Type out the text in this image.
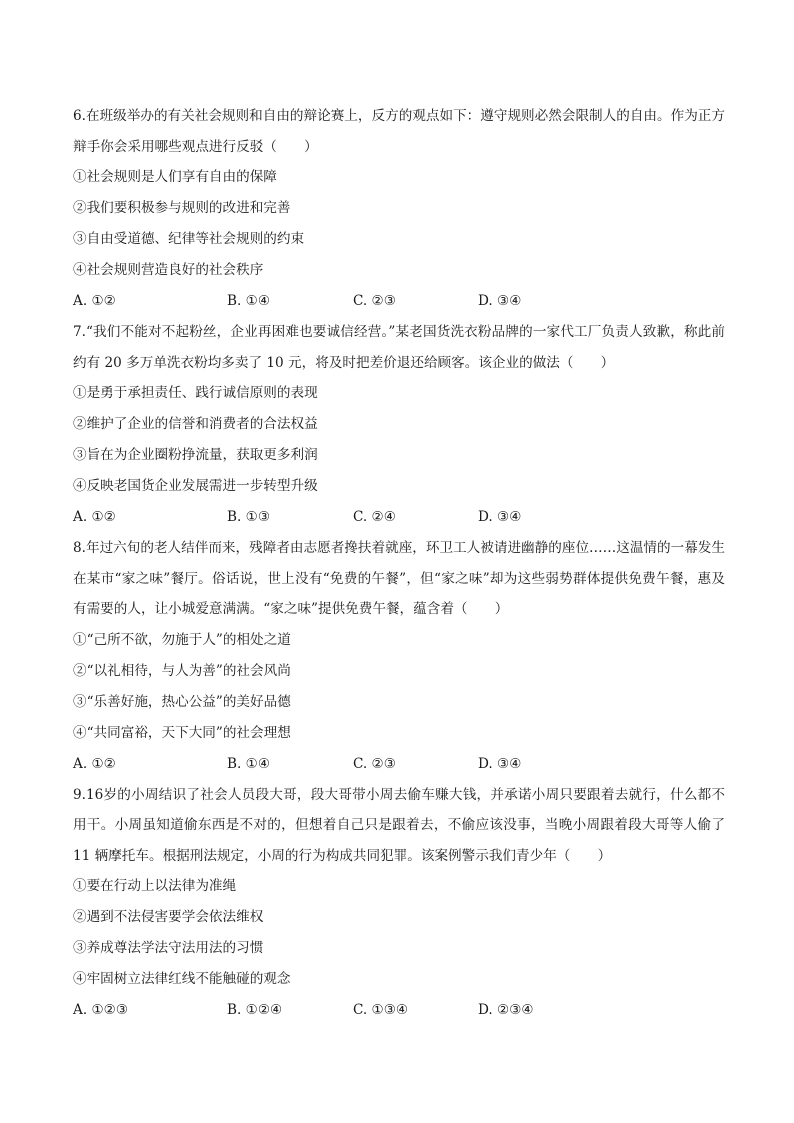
6.在班级举办的有关社会规则和自由的辩论赛上，反方的观点如下：遵守规则必然会限制人的自由。作为正方辩手你会采用哪些观点进行反驳（　　）

①社会规则是人们享有自由的保障

②我们要积极参与规则的改进和完善

③自由受道德、纪律等社会规则的约束

④社会规则营造良好的社会秩序

A. ①②	B. ①④	C. ②③	D. ③④

7.“我们不能对不起粉丝，企业再困难也要诚信经营。”某老国货洗衣粉品牌的一家代工厂负责人致歉，称此前约有 20 多万单洗衣粉均多卖了 10 元，将及时把差价退还给顾客。该企业的做法（　　）

①是勇于承担责任、践行诚信原则的表现

②维护了企业的信誉和消费者的合法权益

③旨在为企业圈粉挣流量，获取更多利润

④反映老国货企业发展需进一步转型升级

A. ①②	B. ①③	C. ②④	D. ③④

8.年过六旬的老人结伴而来，残障者由志愿者搀扶着就座，环卫工人被请进幽静的座位……这温情的一幕发生在某市“家之味”餐厅。俗话说，世上没有“免费的午餐”，但“家之味”却为这些弱势群体提供免费午餐，惠及有需要的人，让小城爱意满满。“家之味”提供免费午餐，蕴含着（　　）

①“己所不欲，勿施于人”的相处之道

②“以礼相待，与人为善”的社会风尚

③“乐善好施，热心公益”的美好品德

④“共同富裕，天下大同”的社会理想

A. ①②	B. ①④	C. ②③	D. ③④

9.16岁的小周结识了社会人员段大哥，段大哥带小周去偷车赚大钱，并承诺小周只要跟着去就行，什么都不用干。小周虽知道偷东西是不对的，但想着自己只是跟着去，不偷应该没事，当晚小周跟着段大哥等人偷了 11 辆摩托车。根据刑法规定，小周的行为构成共同犯罪。该案例警示我们青少年（　　）

①要在行动上以法律为准绳

②遇到不法侵害要学会依法维权

③养成尊法学法守法用法的习惯

④牢固树立法律红线不能触碰的观念

A. ①②③	B. ①②④	C. ①③④	D. ②③④
